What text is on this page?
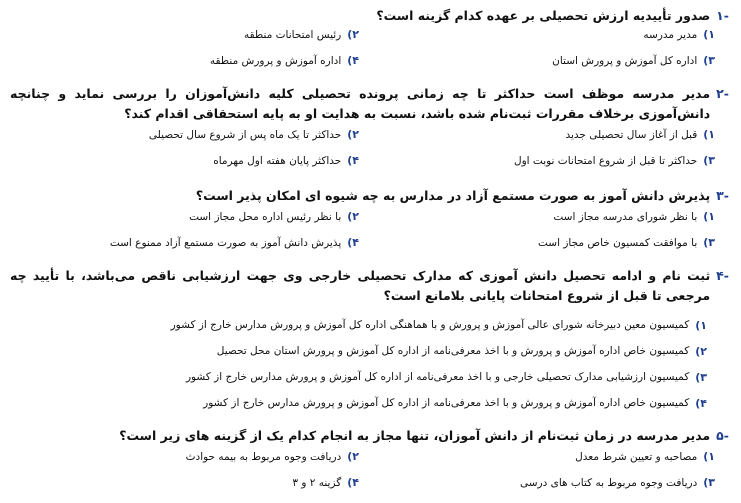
-۱
صدور تأییدیه ارزش تحصیلی بر عهده کدام گزینه است؟
۱)
مدیر مدرسه
۲)
رئیس امتحانات منطقه
۳)
اداره کل آموزش و پرورش استان
۴)
اداره آموزش و پرورش منطقه
-۲
مدیر مدرسه موظف است حداکثر تا چه زمانی پرونده تحصیلی کلیه دانش‌آموزان را بررسی نماید و چنانچه دانش‌آموزی برخلاف مقررات ثبت‌نام شده باشد، نسبت به هدایت او به پایه استحقاقی اقدام کند؟
۱)
قبل از آغاز سال تحصیلی جدید
۲)
حداکثر تا یک ماه پس از شروع سال تحصیلی
۳)
حداکثر تا قبل از شروع امتحانات نوبت اول
۴)
حداکثر پایان هفته اول مهرماه
-۳
پذیرش دانش آموز به صورت مستمع آزاد در مدارس به چه شیوه ای امکان پذیر است؟
۱)
با نظر شورای مدرسه مجاز است
۲)
با نظر رئیس اداره محل مجاز است
۳)
با موافقت کمسیون خاص مجاز است
۴)
پذیرش دانش آموز به صورت مستمع آزاد ممنوع است
-۴
ثبت نام و ادامه تحصیل دانش آموزی که مدارک تحصیلی خارجی وی جهت ارزشیابی ناقص می‌باشد، با تأیید چه مرجعی تا قبل از شروع امتحانات پایانی بلامانع است؟
۱)
کمیسیون معین دبیرخانه شورای عالی آموزش و پرورش و با هماهنگی اداره کل آموزش و پرورش مدارس خارج از کشور
۲)
کمیسیون خاص اداره آموزش و پرورش و با اخذ معرفی‌نامه از اداره کل آموزش و پرورش استان محل تحصیل
۳)
کمیسیون ارزشیابی مدارک تحصیلی خارجی و با اخذ معرفی‌نامه از اداره کل آموزش و پرورش مدارس خارج از کشور
۴)
کمیسیون خاص اداره آموزش و پرورش و با اخذ معرفی‌نامه از اداره کل آموزش و پرورش مدارس خارج از کشور
-۵
مدیر مدرسه در زمان ثبت‌نام از دانش آموزان، تنها مجاز به انجام کدام یک از گزینه های زیر است؟
۱)
مصاحبه و تعیین شرط معدل
۲)
دریافت وجوه مربوط به بیمه حوادث
۳)
دریافت وجوه مربوط به کتاب های درسی
۴)
گزینه ۲ و ۳
